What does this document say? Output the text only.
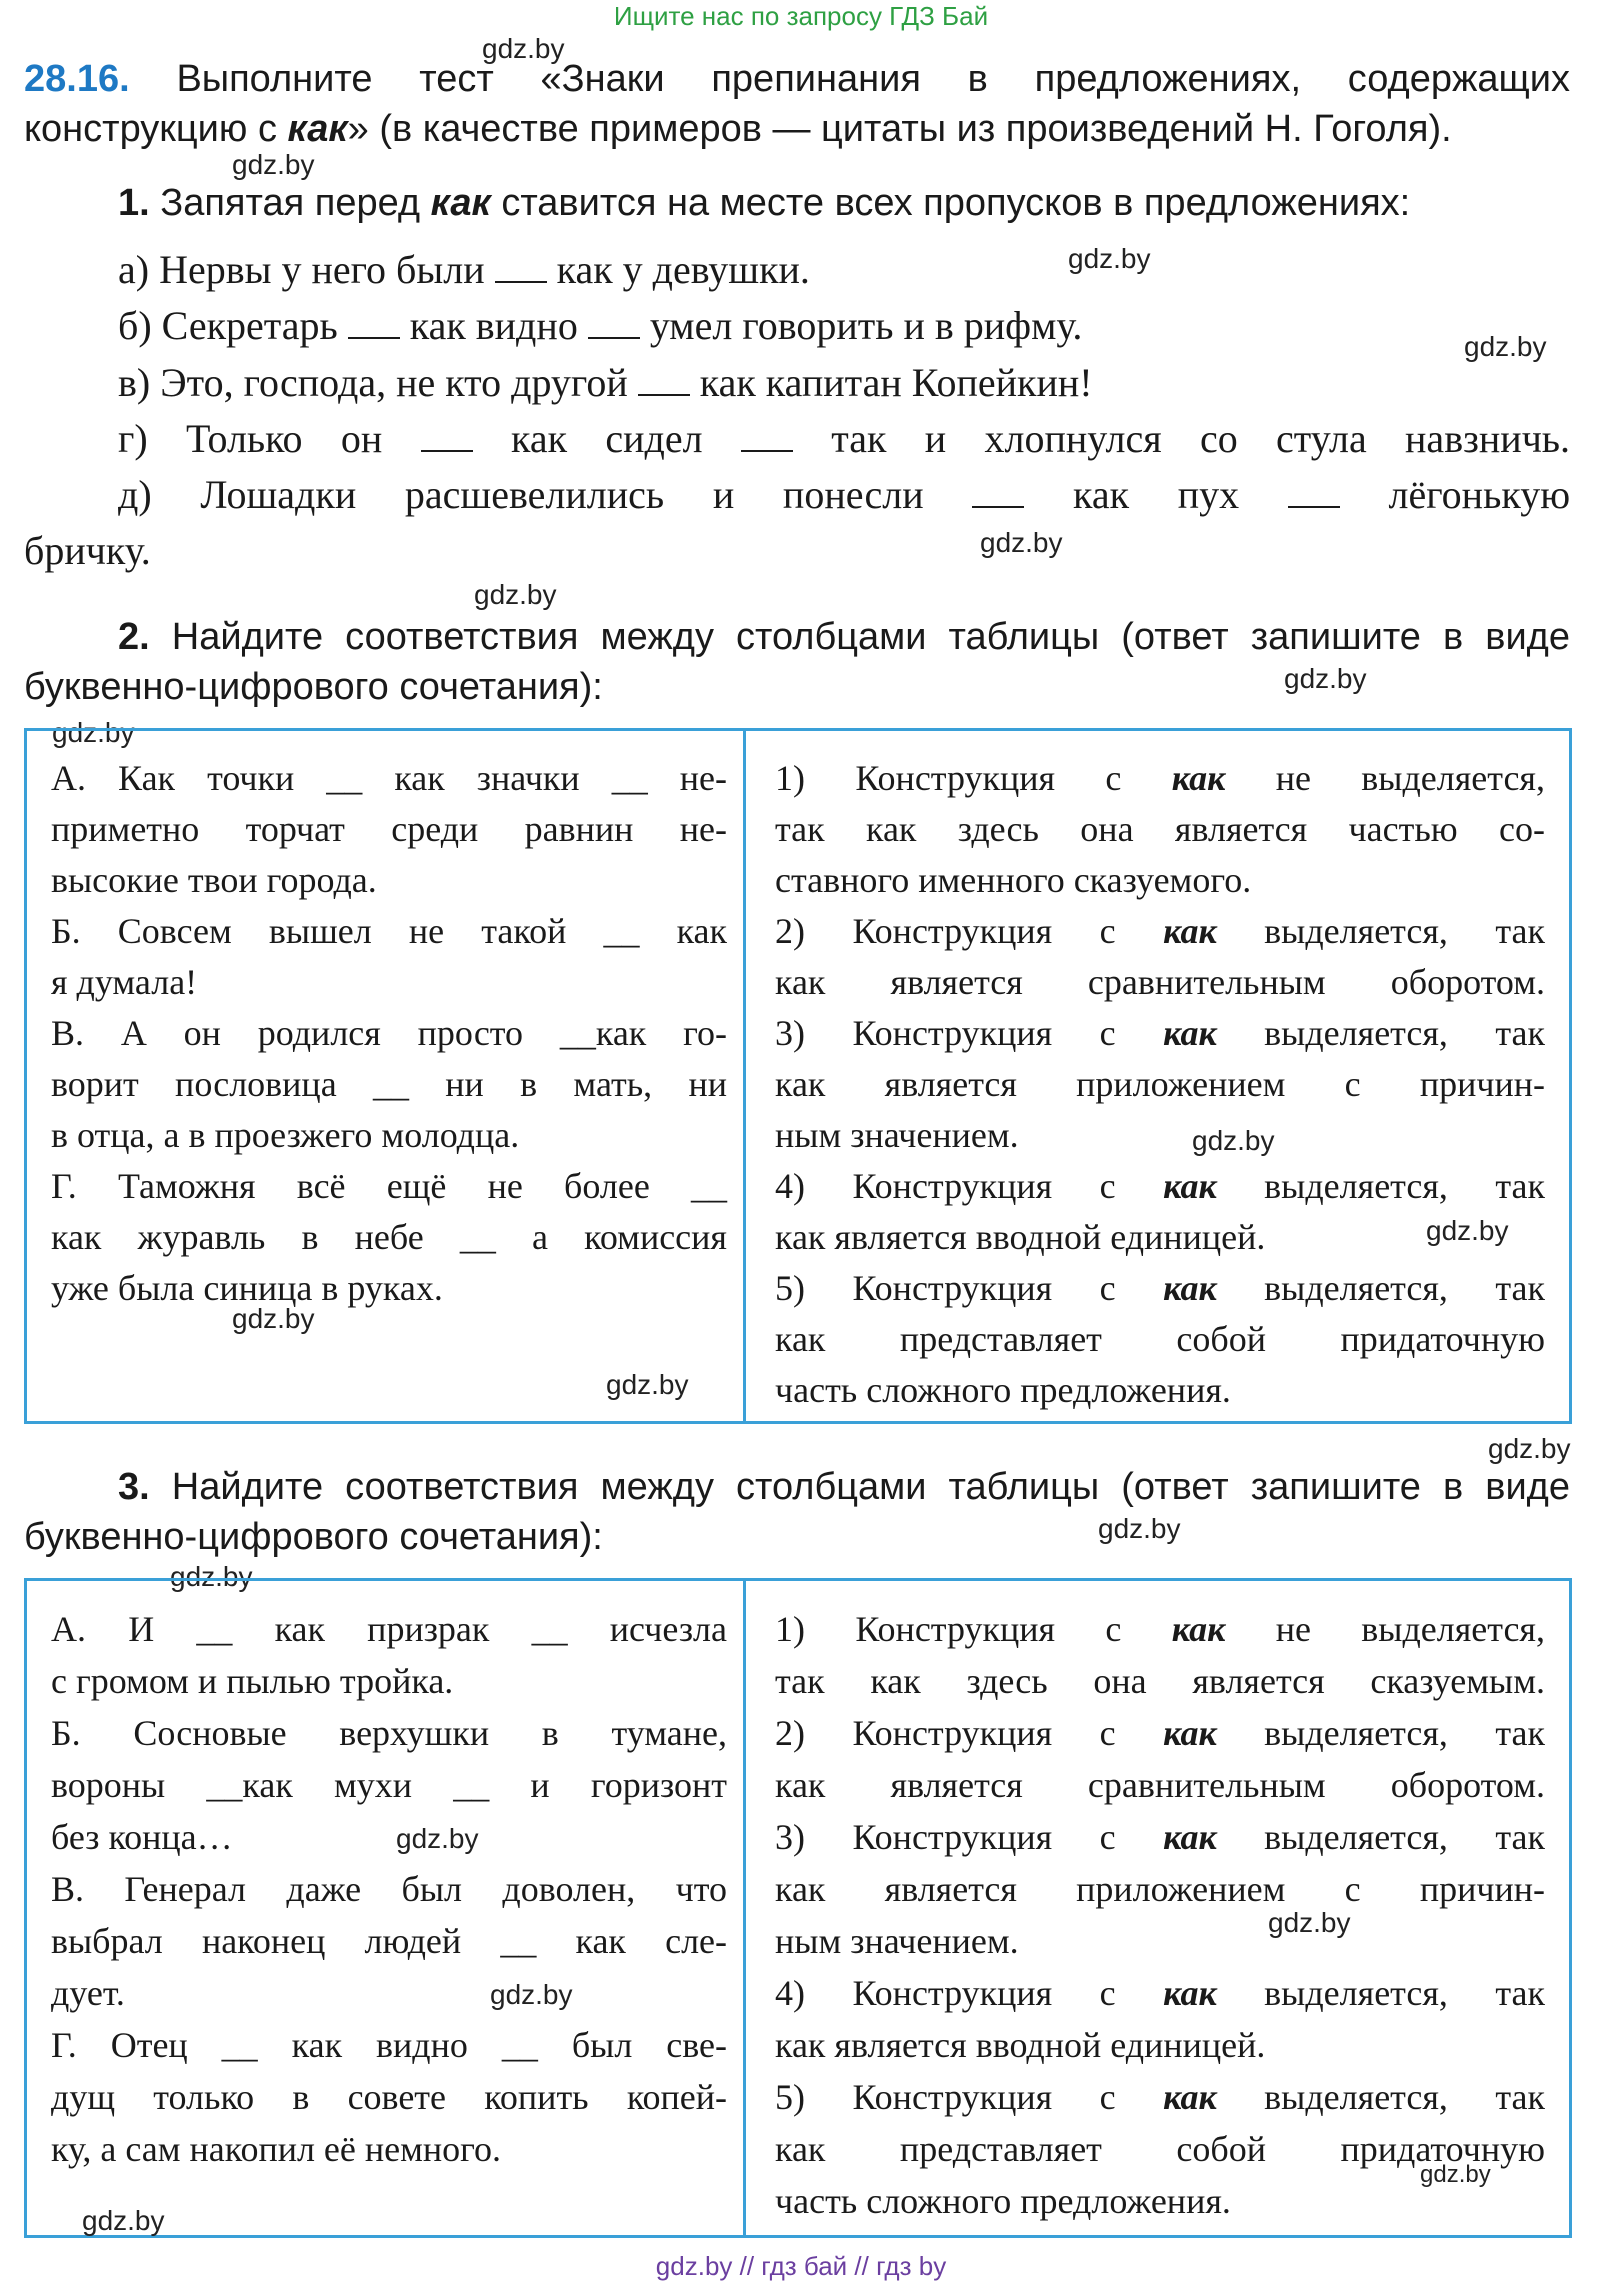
Ищите нас по запросу ГДЗ Бай
gdz.by
gdz.by
gdz.by
gdz.by
gdz.by
gdz.by
gdz.by
gdz.by
28.16. Выполните тест «Знаки препинания в предложениях, содержащих
конструкцию с как» (в качестве примеров — цитаты из произведений Н. Гоголя).
1. Запятая перед как ставится на месте всех пропусков в предложениях:
а) Нервы у него были как у девушки.
б) Секретарь как видно умел говорить и в рифму.
в) Это, господа, не кто другой как капитан Копейкин!
г) Только он	как сидел	так и хлопнулся со стула навзничь.
д) Лошадки расшевелились и понесли	как пух	лёгонькую
бричку.
2. Найдите соответствия между столбцами таблицы (ответ запишите в виде
буквенно-цифрового сочетания):
А. Как точки __ как значки __ не-
приметно торчат среди равнин не-
высокие твои города.
Б. Совсем вышел не такой __ как
я думала!
В. А он родился просто __как го-
ворит пословица __ ни в мать, ни
в отца, а в проезжего молодца.
Г. Таможня всё ещё не более __
как журавль в небе __ а комиссия
уже была синица в руках.
1) Конструкция с как не выделяется,
так как здесь она является частью со-
ставного именного сказуемого.
2) Конструкция с как выделяется, так
как является сравнительным оборотом.
3) Конструкция с как выделяется, так
как является приложением с причин-
ным значением.
4) Конструкция с как выделяется, так
как является вводной единицей.
5) Конструкция с как выделяется, так
как представляет собой придаточную
часть сложного предложения.
gdz.by
gdz.by
gdz.by
gdz.by
gdz.by
3. Найдите соответствия между столбцами таблицы (ответ запишите в виде
буквенно-цифрового сочетания):	gdz.by
gdz.by
А. И __ как призрак __ исчезла
с громом и пылью тройка.
Б. Сосновые верхушки в тумане,
вороны __как мухи __ и горизонт
без конца…
В. Генерал даже был доволен, что
выбрал наконец людей __ как сле-
дует.
Г. Отец __ как видно __ был све-
дущ только в совете копить копей-
ку, а сам накопил её немного.
1) Конструкция с как не выделяется,
так как здесь она является сказуемым.
2) Конструкция с как выделяется, так
как является сравнительным оборотом.
3) Конструкция с как выделяется, так
как является приложением с причин-
ным значением.
4) Конструкция с как выделяется, так
как является вводной единицей.
5) Конструкция с как выделяется, так
как представляет собой придаточную
часть сложного предложения.
gdz.by
gdz.by
gdz.by
gdz.by
gdz.by
gdz.by // гдз бай // гдз by
